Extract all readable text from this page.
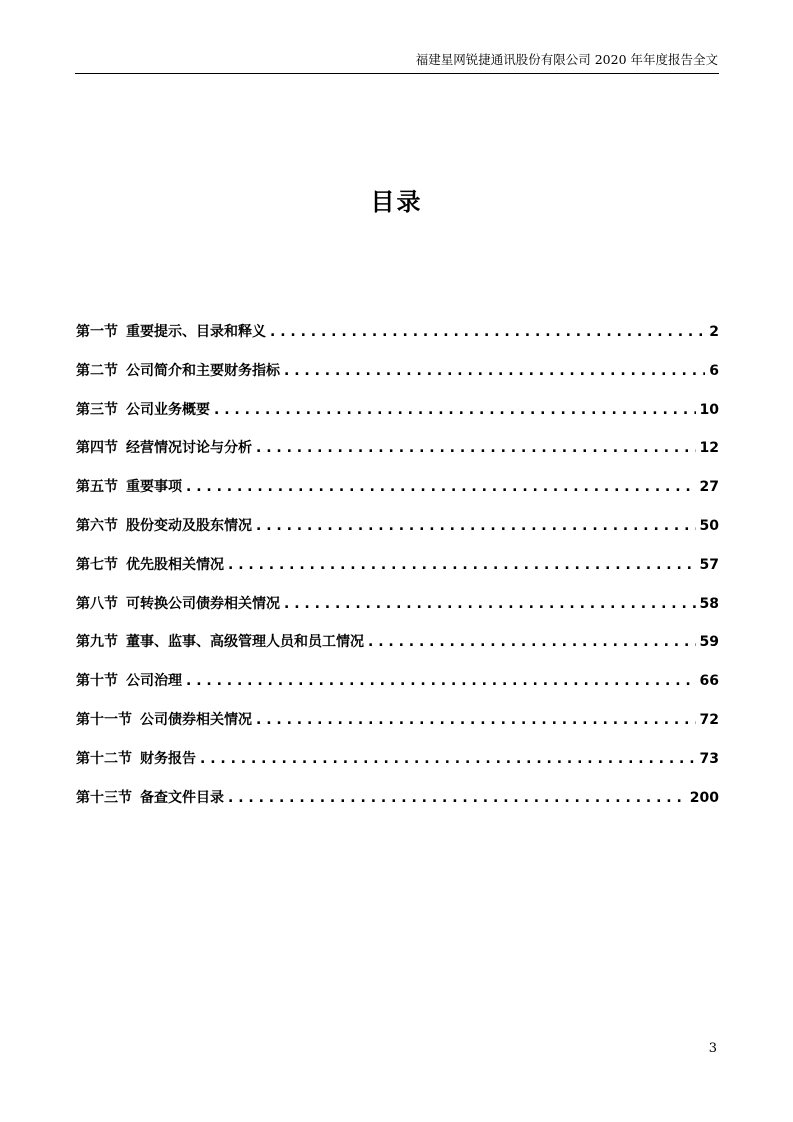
福建星网锐捷通讯股份有限公司 2020 年年度报告全文
目录
第一节 重要提示、目录和释义 . . .	2
第二节 公司简介和主要财务指标 . . .	6
第三节 公司业务概要 . . .	10
第四节 经营情况讨论与分析 . . .	12
第五节 重要事项 . . .	27
第六节 股份变动及股东情况 . . .	50
第七节 优先股相关情况 . . .	57
第八节 可转换公司债券相关情况 . . .	58
第九节 董事、监事、高级管理人员和员工情况 . . .	59
第十节 公司治理 . . .	66
第十一节 公司债券相关情况 . . .	72
第十二节 财务报告 . . .	73
第十三节 备查文件目录 . . .	200
3
